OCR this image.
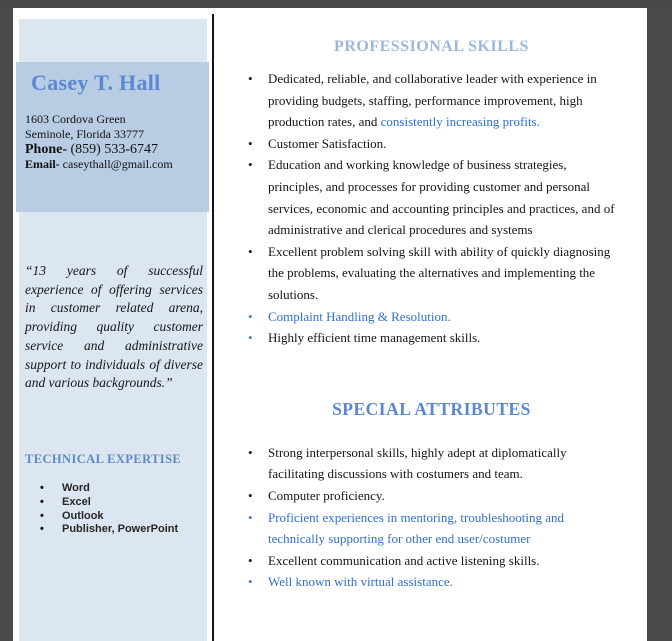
Casey T. Hall
1603 Cordova Green
Seminole, Florida 33777
Phone- (859) 533-6747
Email- caseythall@gmail.com
“13 years of successful experience of offering services in customer related arena, providing quality customer service and administrative support to individuals of diverse and various backgrounds.”
TECHNICAL EXPERTISE
• Word
• Excel
• Outlook
• Publisher, PowerPoint
PROFESSIONAL SKILLS
• Dedicated, reliable, and collaborative leader with experience in providing budgets, staffing, performance improvement, high production rates, and consistently increasing profits.
• Customer Satisfaction.
• Education and working knowledge of business strategies, principles, and processes for providing customer and personal services, economic and accounting principles and practices, and of administrative and clerical procedures and systems
• Excellent problem solving skill with ability of quickly diagnosing the problems, evaluating the alternatives and implementing the solutions.
• Complaint Handling & Resolution.
• Highly efficient time management skills.
SPECIAL ATTRIBUTES
• Strong interpersonal skills, highly adept at diplomatically facilitating discussions with costumers and team.
• Computer proficiency.
• Proficient experiences in mentoring, troubleshooting and technically supporting for other end user/costumer
• Excellent communication and active listening skills.
• Well known with virtual assistance.
